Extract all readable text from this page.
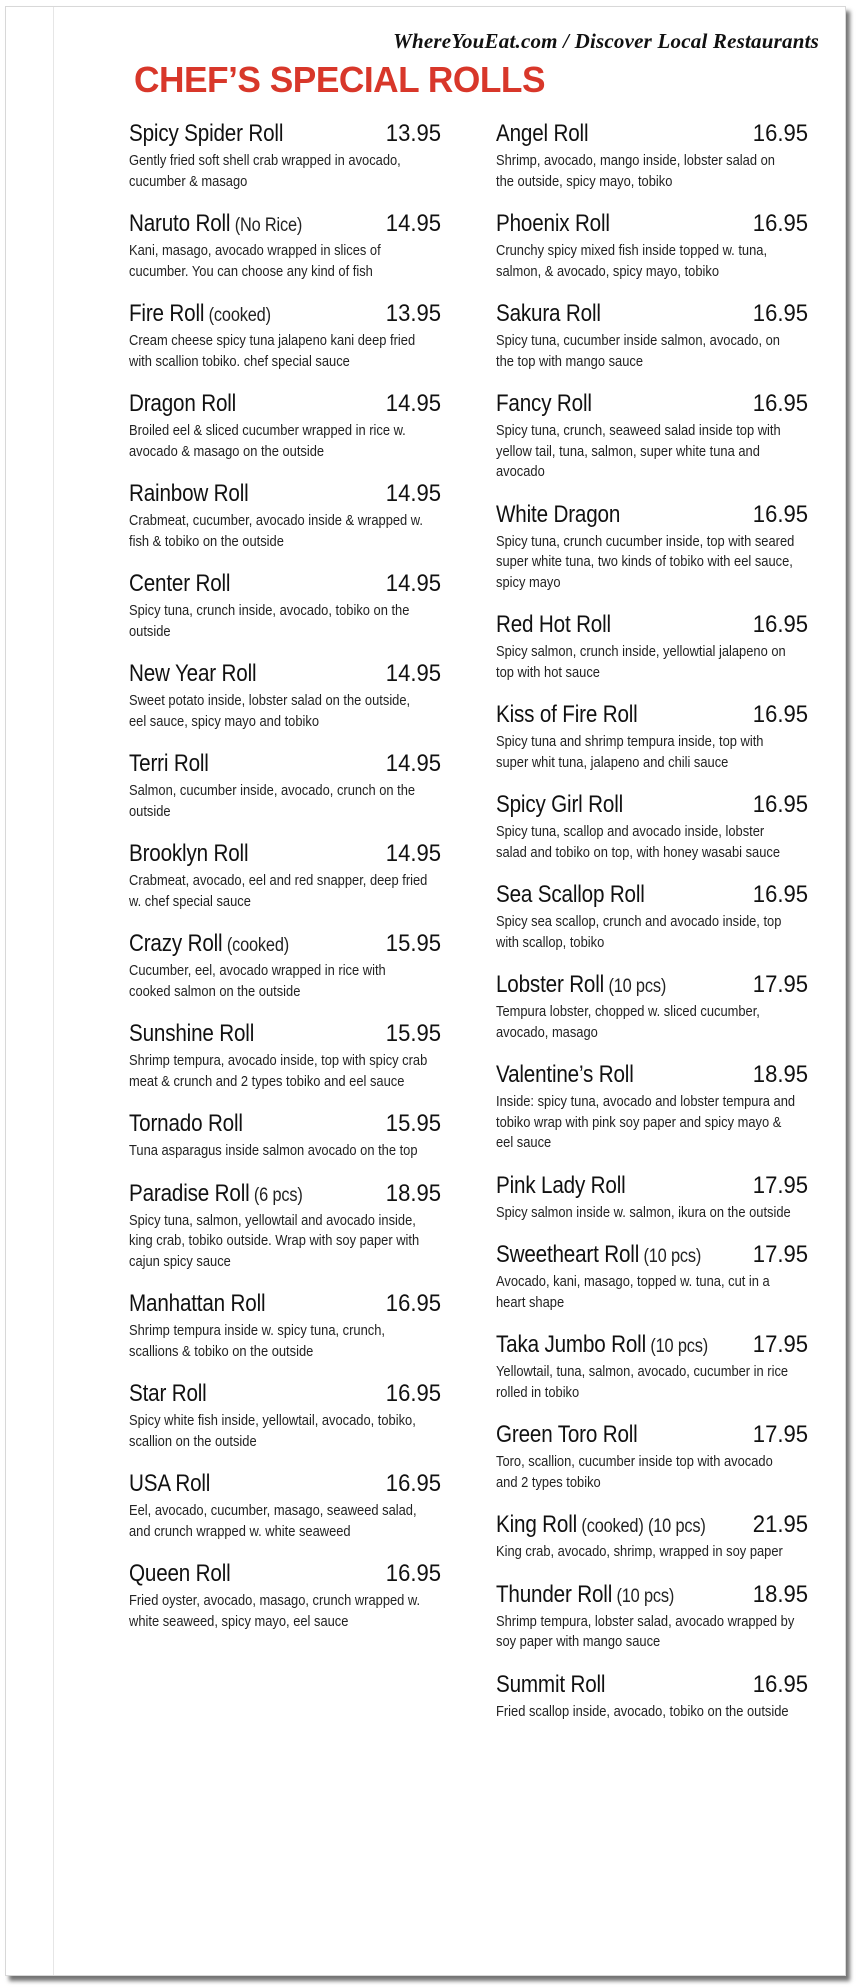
WhereYouEat.com / Discover Local Restaurants
CHEF’S SPECIAL ROLLS
Spicy Spider Roll	13.95
Gently fried soft shell crab wrapped in avocado, cucumber & masago
Naruto Roll (No Rice)	14.95
Kani, masago, avocado wrapped in slices of cucumber. You can choose any kind of fish
Fire Roll (cooked)	13.95
Cream cheese spicy tuna jalapeno kani deep fried with scallion tobiko. chef special sauce
Dragon Roll	14.95
Broiled eel & sliced cucumber wrapped in rice w. avocado & masago on the outside
Rainbow Roll	14.95
Crabmeat, cucumber, avocado inside & wrapped w. fish & tobiko on the outside
Center Roll	14.95
Spicy tuna, crunch inside, avocado, tobiko on the outside
New Year Roll	14.95
Sweet potato inside, lobster salad on the outside, eel sauce, spicy mayo and tobiko
Terri Roll	14.95
Salmon, cucumber inside, avocado, crunch on the outside
Brooklyn Roll	14.95
Crabmeat, avocado, eel and red snapper, deep fried w. chef special sauce
Crazy Roll (cooked)	15.95
Cucumber, eel, avocado wrapped in rice with cooked salmon on the outside
Sunshine Roll	15.95
Shrimp tempura, avocado inside, top with spicy crab meat & crunch and 2 types tobiko and eel sauce
Tornado Roll	15.95
Tuna asparagus inside salmon avocado on the top
Paradise Roll (6 pcs)	18.95
Spicy tuna, salmon, yellowtail and avocado inside, king crab, tobiko outside. Wrap with soy paper with cajun spicy sauce
Manhattan Roll	16.95
Shrimp tempura inside w. spicy tuna, crunch, scallions & tobiko on the outside
Star Roll	16.95
Spicy white fish inside, yellowtail, avocado, tobiko, scallion on the outside
USA Roll	16.95
Eel, avocado, cucumber, masago, seaweed salad, and crunch wrapped w. white seaweed
Queen Roll	16.95
Fried oyster, avocado, masago, crunch wrapped w. white seaweed, spicy mayo, eel sauce
Angel Roll	16.95
Shrimp, avocado, mango inside, lobster salad on the outside, spicy mayo, tobiko
Phoenix Roll	16.95
Crunchy spicy mixed fish inside topped w. tuna, salmon, & avocado, spicy mayo, tobiko
Sakura Roll	16.95
Spicy tuna, cucumber inside salmon, avocado, on the top with mango sauce
Fancy Roll	16.95
Spicy tuna, crunch, seaweed salad inside top with yellow tail, tuna, salmon, super white tuna and avocado
White Dragon	16.95
Spicy tuna, crunch cucumber inside, top with seared super white tuna, two kinds of tobiko with eel sauce, spicy mayo
Red Hot Roll	16.95
Spicy salmon, crunch inside, yellowtial jalapeno on top with hot sauce
Kiss of Fire Roll	16.95
Spicy tuna and shrimp tempura inside, top with super whit tuna, jalapeno and chili sauce
Spicy Girl Roll	16.95
Spicy tuna, scallop and avocado inside, lobster salad and tobiko on top, with honey wasabi sauce
Sea Scallop Roll	16.95
Spicy sea scallop, crunch and avocado inside, top with scallop, tobiko
Lobster Roll (10 pcs)	17.95
Tempura lobster, chopped w. sliced cucumber, avocado, masago
Valentine’s Roll	18.95
Inside: spicy tuna, avocado and lobster tempura and tobiko wrap with pink soy paper and spicy mayo & eel sauce
Pink Lady Roll	17.95
Spicy salmon inside w. salmon, ikura on the outside
Sweetheart Roll (10 pcs) 17.95
Avocado, kani, masago, topped w. tuna, cut in a heart shape
Taka Jumbo Roll (10 pcs) 17.95
Yellowtail, tuna, salmon, avocado, cucumber in rice rolled in tobiko
Green Toro Roll	17.95
Toro, scallion, cucumber inside top with avocado and 2 types tobiko
King Roll (cooked) (10 pcs) 21.95
King crab, avocado, shrimp, wrapped in soy paper
Thunder Roll (10 pcs)	18.95
Shrimp tempura, lobster salad, avocado wrapped by soy paper with mango sauce
Summit Roll	16.95
Fried scallop inside, avocado, tobiko on the outside
